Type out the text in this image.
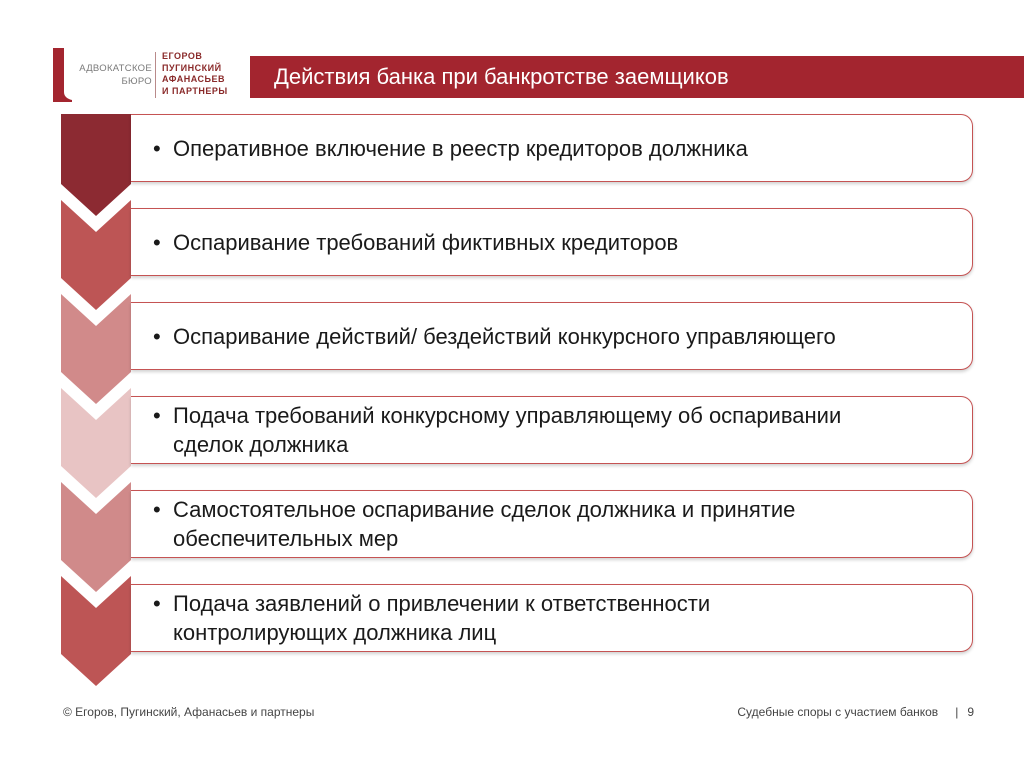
АДВОКАТСКОЕ
БЮРО
ЕГОРОВ
ПУГИНСКИЙ
АФАНАСЬЕВ
И ПАРТНЕРЫ
Действия банка при банкротстве заемщиков
• Оперативное включение в реестр кредиторов должника
• Оспаривание требований фиктивных кредиторов
• Оспаривание действий/ бездействий конкурсного управляющего
• Подача требований конкурсному управляющему об оспаривании
сделок должника
• Самостоятельное оспаривание сделок должника и принятие
обеспечительных мер
• Подача заявлений о привлечении к ответственности
контролирующих должника лиц
© Егоров, Пугинский, Афанасьев и партнеры	Судебные споры с участием банков | 9
